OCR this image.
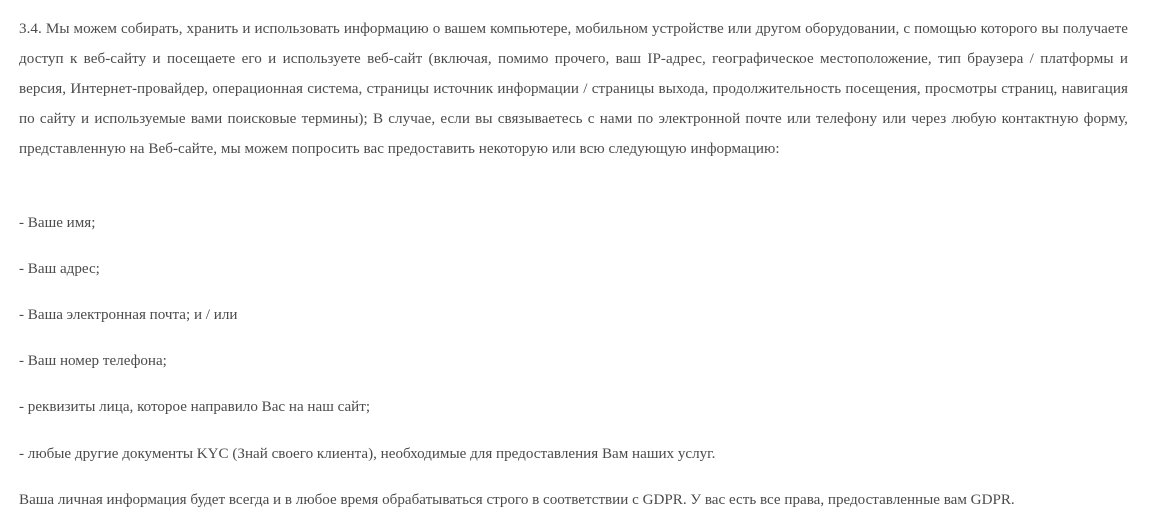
3.4. Мы можем собирать, хранить и использовать информацию о вашем компьютере, мобильном устройстве или другом оборудовании, с помощью которого вы получаете доступ к веб-сайту и посещаете его и используете веб-сайт (включая, помимо прочего, ваш IP-адрес, географическое местоположение, тип браузера / платформы и версия, Интернет-провайдер, операционная система, страницы источник информации / страницы выхода, продолжительность посещения, просмотры страниц, навигация по сайту и используемые вами поисковые термины); В случае, если вы связываетесь с нами по электронной почте или телефону или через любую контактную форму, представленную на Веб-сайте, мы можем попросить вас предоставить некоторую или всю следующую информацию:

- Ваше имя;

- Ваш адрес;

- Ваша электронная почта; и / или

- Ваш номер телефона;

- реквизиты лица, которое направило Вас на наш сайт;

- любые другие документы KYC (Знай своего клиента), необходимые для предоставления Вам наших услуг.

Ваша личная информация будет всегда и в любое время обрабатываться строго в соответствии с GDPR. У вас есть все права, предоставленные вам GDPR.
